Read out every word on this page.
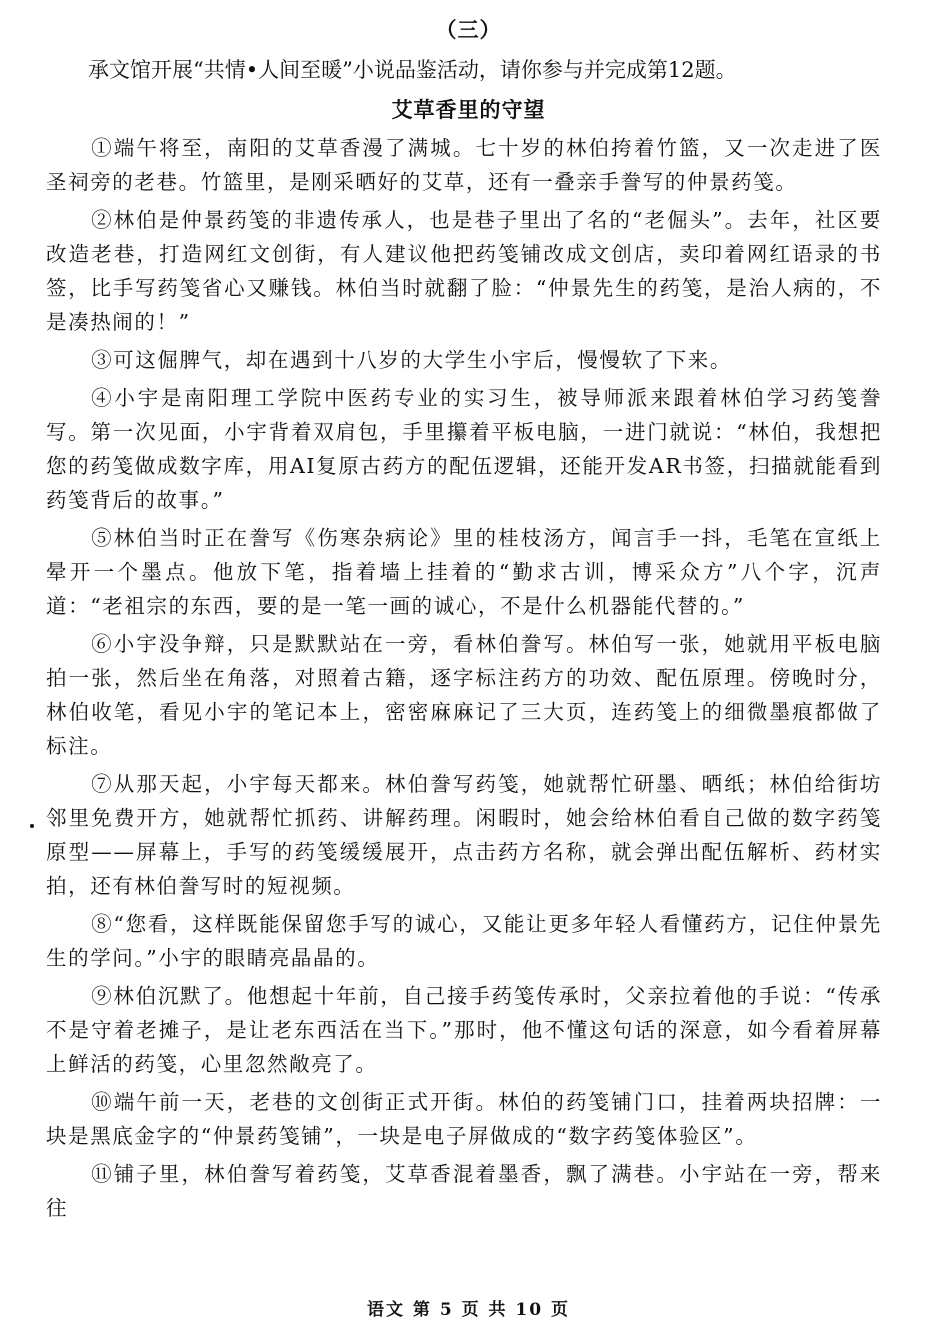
（三）
承文馆开展“共情•人间至暖”小说品鉴活动，请你参与并完成第12题。
艾草香里的守望

①端午将至，南阳的艾草香漫了满城。七十岁的林伯挎着竹篮，又一次走进了医圣祠旁的老巷。竹篮里，是刚采晒好的艾草，还有一叠亲手誊写的仲景药笺。

②林伯是仲景药笺的非遗传承人，也是巷子里出了名的“老倔头”。去年，社区要改造老巷，打造网红文创街，有人建议他把药笺铺改成文创店，卖印着网红语录的书签，比手写药笺省心又赚钱。林伯当时就翻了脸：“仲景先生的药笺，是治人病的，不是凑热闹的！”

③可这倔脾气，却在遇到十八岁的大学生小宇后，慢慢软了下来。

④小宇是南阳理工学院中医药专业的实习生，被导师派来跟着林伯学习药笺誊写。第一次见面，小宇背着双肩包，手里攥着平板电脑，一进门就说：“林伯，我想把您的药笺做成数字库，用AI复原古药方的配伍逻辑，还能开发AR书签，扫描就能看到药笺背后的故事。”

⑤林伯当时正在誊写《伤寒杂病论》里的桂枝汤方，闻言手一抖，毛笔在宣纸上晕开一个墨点。他放下笔，指着墙上挂着的“勤求古训，博采众方”八个字，沉声道：“老祖宗的东西，要的是一笔一画的诚心，不是什么机器能代替的。”

⑥小宇没争辩，只是默默站在一旁，看林伯誊写。林伯写一张，她就用平板电脑拍一张，然后坐在角落，对照着古籍，逐字标注药方的功效、配伍原理。傍晚时分，林伯收笔，看见小宇的笔记本上，密密麻麻记了三大页，连药笺上的细微墨痕都做了标注。

⑦从那天起，小宇每天都来。林伯誊写药笺，她就帮忙研墨、晒纸；林伯给街坊邻里免费开方，她就帮忙抓药、讲解药理。闲暇时，她会给林伯看自己做的数字药笺原型——屏幕上，手写的药笺缓缓展开，点击药方名称，就会弹出配伍解析、药材实拍，还有林伯誊写时的短视频。

⑧“您看，这样既能保留您手写的诚心，又能让更多年轻人看懂药方，记住仲景先生的学问。”小宇的眼睛亮晶晶的。

⑨林伯沉默了。他想起十年前，自己接手药笺传承时，父亲拉着他的手说：“传承不是守着老摊子，是让老东西活在当下。”那时，他不懂这句话的深意，如今看着屏幕上鲜活的药笺，心里忽然敞亮了。

⑩端午前一天，老巷的文创街正式开街。林伯的药笺铺门口，挂着两块招牌：一块是黑底金字的“仲景药笺铺”，一块是电子屏做成的“数字药笺体验区”。

⑪铺子里，林伯誊写着药笺，艾草香混着墨香，飘了满巷。小宇站在一旁，帮来往

语文 第 5 页 共 10 页
